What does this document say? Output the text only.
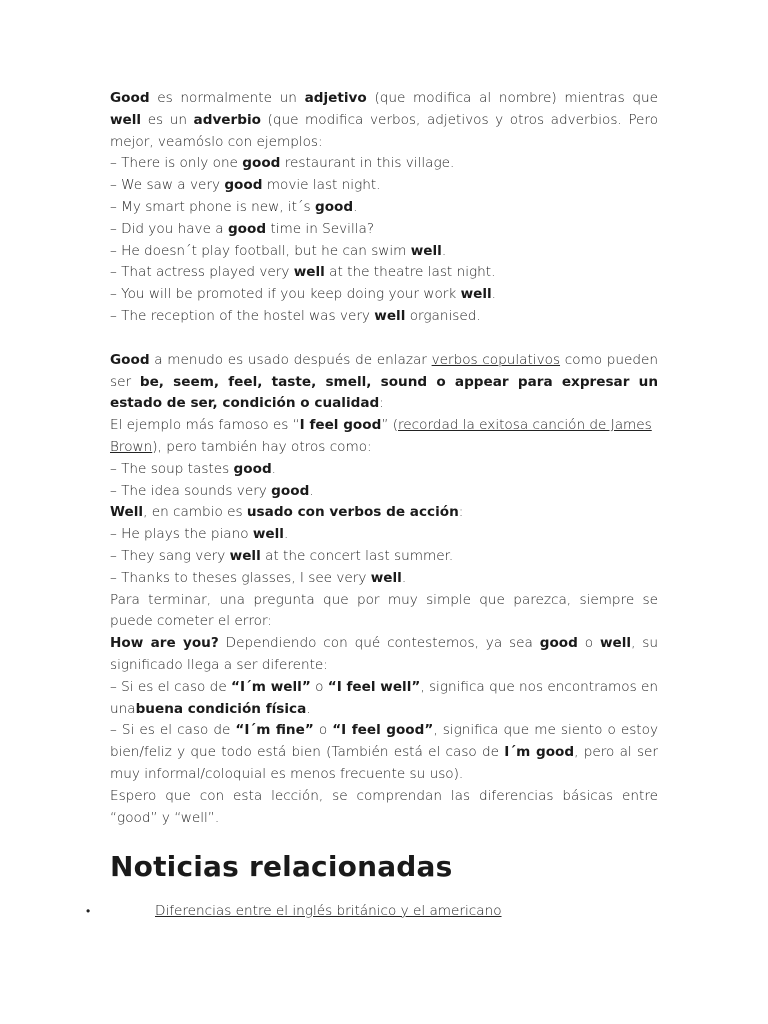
Good es normalmente un adjetivo (que modifica al nombre) mientras que well es un adverbio (que modifica verbos, adjetivos y otros adverbios. Pero mejor, veamóslo con ejemplos:

– There is only one good restaurant in this village.

– We saw a very good movie last night.

– My smart phone is new, it´s good.

– Did you have a good time in Sevilla?

– He doesn´t play football, but he can swim well.

– That actress played very well at the theatre last night.

– You will be promoted if you keep doing your work well.

– The reception of the hostel was very well organised.

Good a menudo es usado después de enlazar verbos copulativos como pueden ser be, seem, feel, taste, smell, sound o appear para expresar un estado de ser, condición o cualidad:

El ejemplo más famoso es “I feel good” (recordad la exitosa canción de James Brown), pero también hay otros como:

– The soup tastes good.

– The idea sounds very good.

Well, en cambio es usado con verbos de acción:

– He plays the piano well.

– They sang very well at the concert last summer.

– Thanks to theses glasses, I see very well.

Para terminar, una pregunta que por muy simple que parezca, siempre se puede cometer el error:

How are you? Dependiendo con qué contestemos, ya sea good o well, su significado llega a ser diferente:

– Si es el caso de “I´m well” o “I feel well”, significa que nos encontramos en unabuena condición física.

– Si es el caso de “I´m fine” o “I feel good”, significa que me siento o estoy bien/feliz y que todo está bien (También está el caso de I´m good, pero al ser muy informal/coloquial es menos frecuente su uso).

Espero que con esta lección, se comprendan las diferencias básicas entre “good” y “well”.

Noticias relacionadas
•	Diferencias entre el inglés británico y el americano
